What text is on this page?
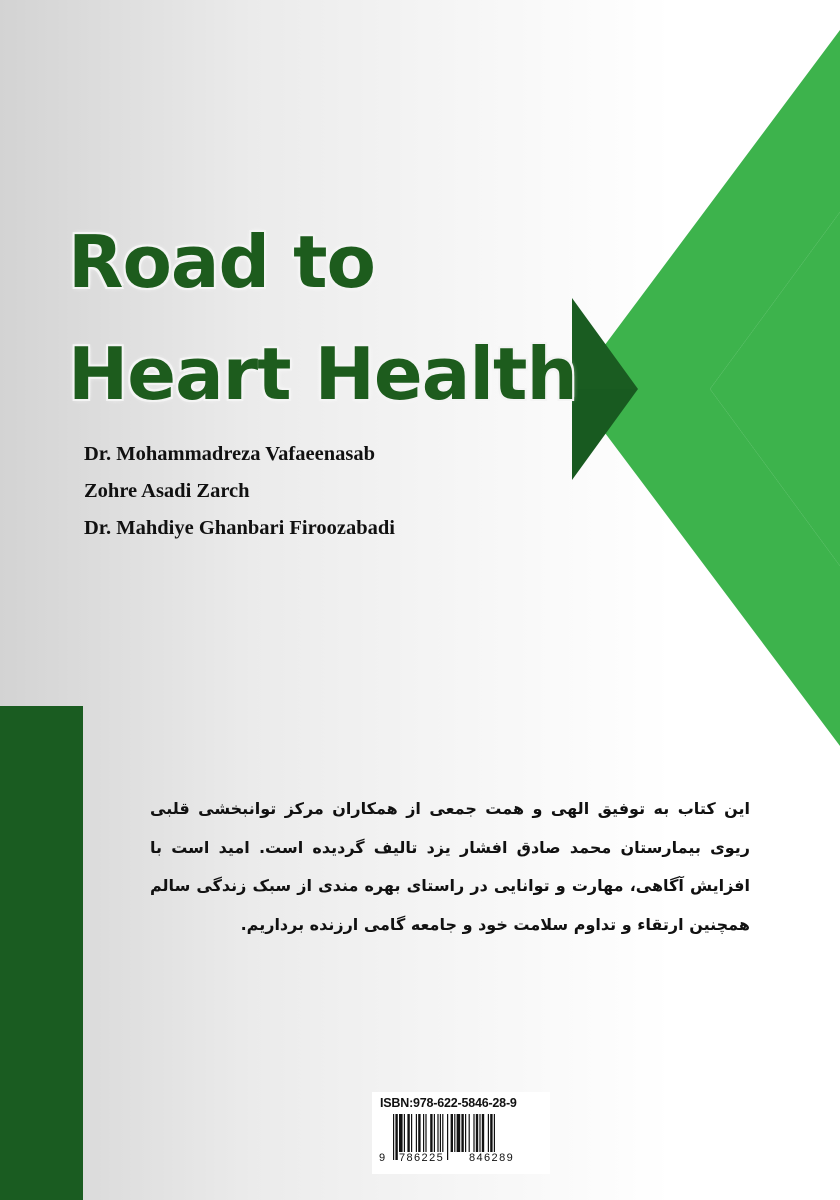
Road to
Heart Health
Dr. Mohammadreza Vafaeenasab
Zohre Asadi Zarch
Dr. Mahdiye Ghanbari Firoozabadi

این کتاب به توفیق الهی و همت جمعی از همکاران مرکز توانبخشی قلبی ریوی بیمارستان محمد صادق افشار یزد تالیف گردیده است. امید است با افزایش آگاهی، مهارت و توانایی در راستای بهره مندی از سبک زندگی سالم همچنین ارتقاء و تداوم سلامت خود و جامعه گامی ارزنده برداریم.

ISBN:978-622-5846-28-9
9 786225 846289
